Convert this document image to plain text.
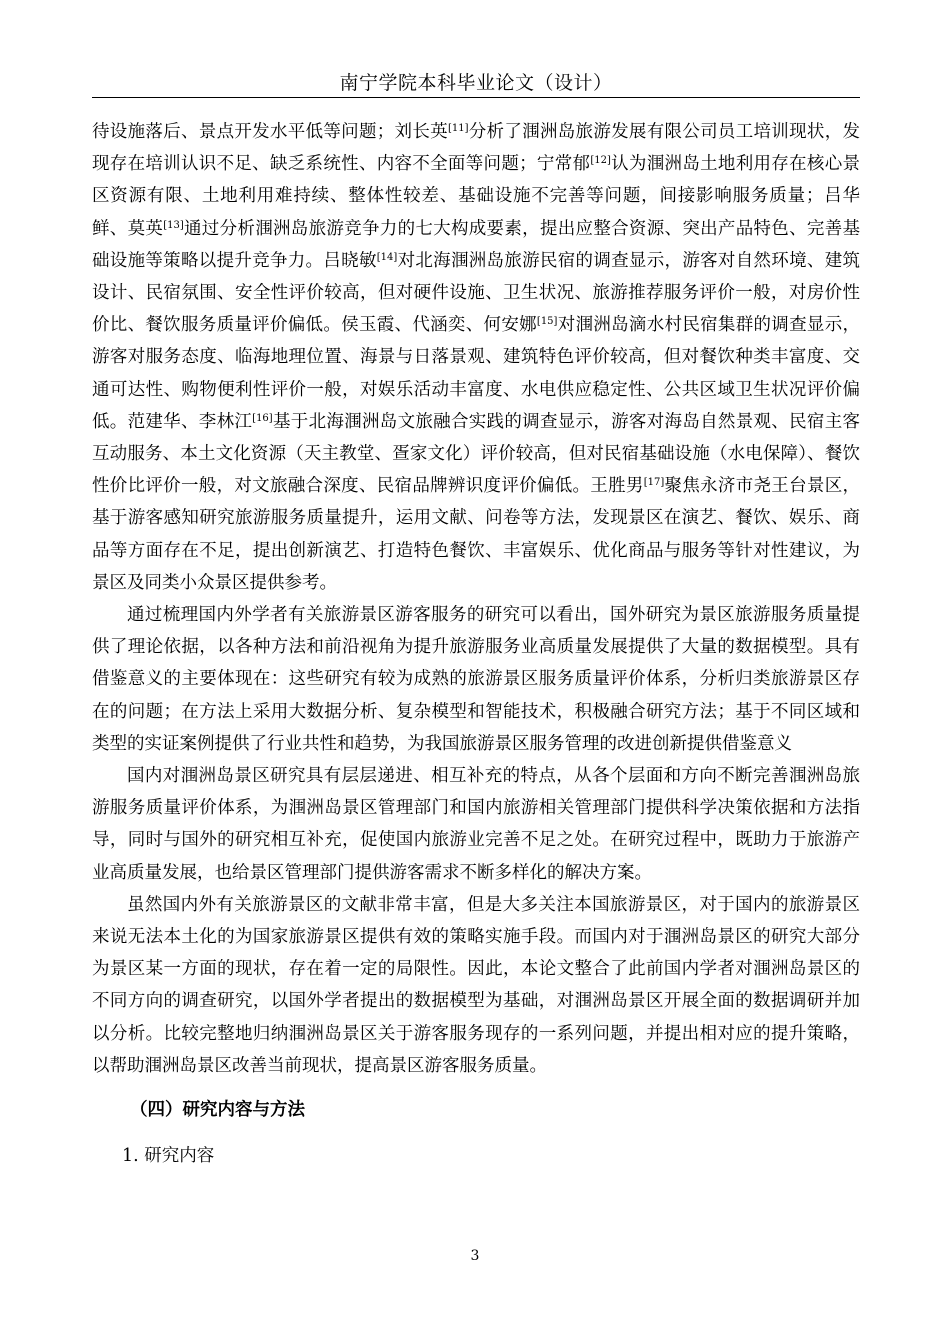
南宁学院本科毕业论文（设计）

待设施落后、景点开发水平低等问题；刘长英[11]分析了涠洲岛旅游发展有限公司员工培训现状，发现存在培训认识不足、缺乏系统性、内容不全面等问题；宁常郁[12]认为涠洲岛土地利用存在核心景区资源有限、土地利用难持续、整体性较差、基础设施不完善等问题，间接影响服务质量；吕华鲜、莫英[13]通过分析涠洲岛旅游竞争力的七大构成要素，提出应整合资源、突出产品特色、完善基础设施等策略以提升竞争力。吕晓敏[14]对北海涠洲岛旅游民宿的调查显示，游客对自然环境、建筑设计、民宿氛围、安全性评价较高，但对硬件设施、卫生状况、旅游推荐服务评价一般，对房价性价比、餐饮服务质量评价偏低。侯玉霞、代涵奕、何安娜[15]对涠洲岛滴水村民宿集群的调查显示，游客对服务态度、临海地理位置、海景与日落景观、建筑特色评价较高，但对餐饮种类丰富度、交通可达性、购物便利性评价一般，对娱乐活动丰富度、水电供应稳定性、公共区域卫生状况评价偏低。范建华、李林江[16]基于北海涠洲岛文旅融合实践的调查显示，游客对海岛自然景观、民宿主客互动服务、本土文化资源（天主教堂、疍家文化）评价较高，但对民宿基础设施（水电保障）、餐饮性价比评价一般，对文旅融合深度、民宿品牌辨识度评价偏低。王胜男[17]聚焦永济市尧王台景区，基于游客感知研究旅游服务质量提升，运用文献、问卷等方法，发现景区在演艺、餐饮、娱乐、商品等方面存在不足，提出创新演艺、打造特色餐饮、丰富娱乐、优化商品与服务等针对性建议，为景区及同类小众景区提供参考。

通过梳理国内外学者有关旅游景区游客服务的研究可以看出，国外研究为景区旅游服务质量提供了理论依据，以各种方法和前沿视角为提升旅游服务业高质量发展提供了大量的数据模型。具有借鉴意义的主要体现在：这些研究有较为成熟的旅游景区服务质量评价体系，分析归类旅游景区存在的问题；在方法上采用大数据分析、复杂模型和智能技术，积极融合研究方法；基于不同区域和类型的实证案例提供了行业共性和趋势，为我国旅游景区服务管理的改进创新提供借鉴意义

国内对涠洲岛景区研究具有层层递进、相互补充的特点，从各个层面和方向不断完善涠洲岛旅游服务质量评价体系，为涠洲岛景区管理部门和国内旅游相关管理部门提供科学决策依据和方法指导，同时与国外的研究相互补充，促使国内旅游业完善不足之处。在研究过程中，既助力于旅游产业高质量发展，也给景区管理部门提供游客需求不断多样化的解决方案。

虽然国内外有关旅游景区的文献非常丰富，但是大多关注本国旅游景区，对于国内的旅游景区来说无法本土化的为国家旅游景区提供有效的策略实施手段。而国内对于涠洲岛景区的研究大部分为景区某一方面的现状，存在着一定的局限性。因此，本论文整合了此前国内学者对涠洲岛景区的不同方向的调查研究，以国外学者提出的数据模型为基础，对涠洲岛景区开展全面的数据调研并加以分析。比较完整地归纳涠洲岛景区关于游客服务现存的一系列问题，并提出相对应的提升策略，以帮助涠洲岛景区改善当前现状，提高景区游客服务质量。

（四）研究内容与方法
1. 研究内容
3
